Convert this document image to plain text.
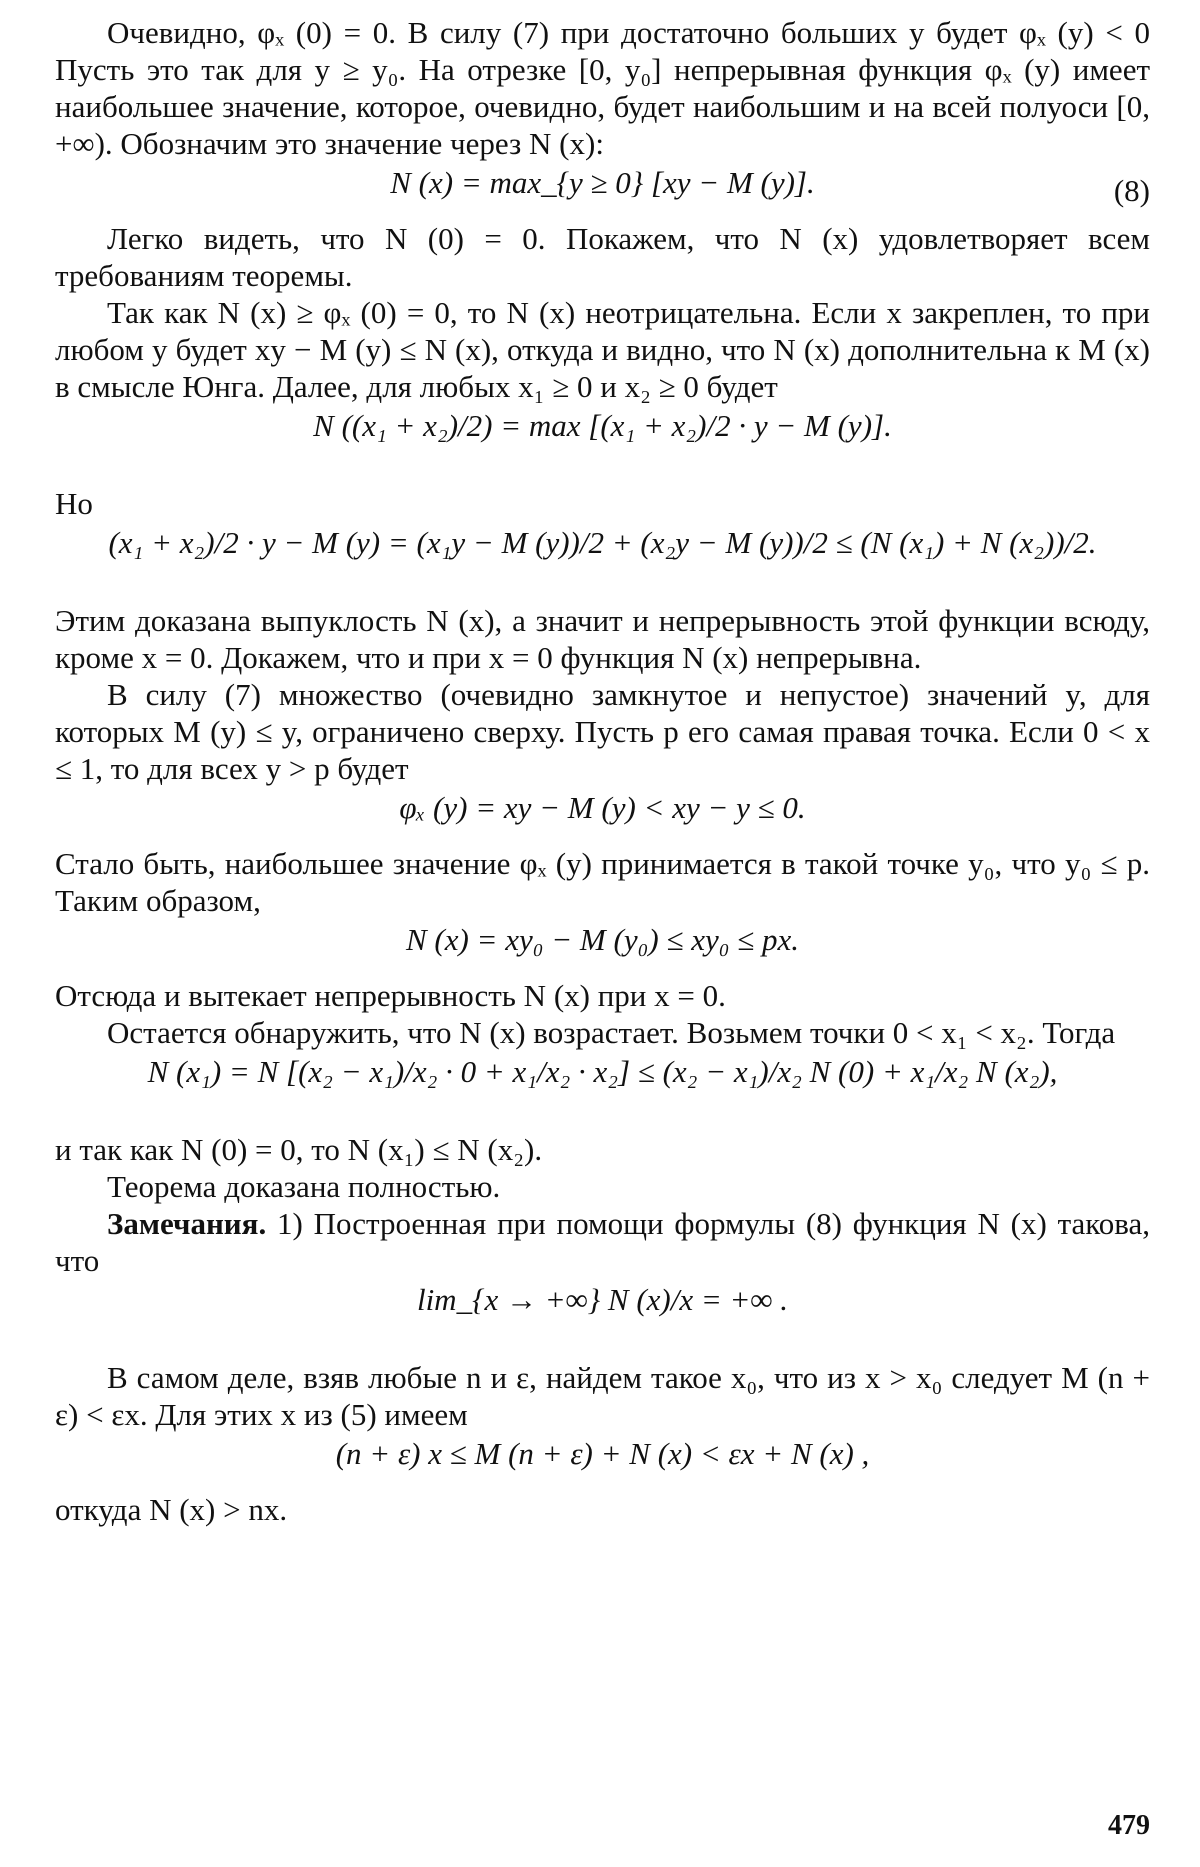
Очевидно, φₓ (0) = 0. В силу (7) при достаточно больших y будет φₓ (y) < 0 Пусть это так для y ≥ y₀. На отрезке [0, y₀] непрерывная функция φₓ (y) имеет наибольшее значение, которое, очевидно, будет наибольшим и на всей полуоси [0, +∞). Обозначим это значение через N (x):

N (x) = max_{y ≥ 0} [xy − M (y)].	(8)

Легко видеть, что N (0) = 0. Покажем, что N (x) удовлетворяет всем требованиям теоремы.

Так как N (x) ≥ φₓ (0) = 0, то N (x) неотрицательна. Если x закреплен, то при любом y будет xy − M (y) ≤ N (x), откуда и видно, что N (x) дополнительна к M (x) в смысле Юнга. Далее, для любых x₁ ≥ 0 и x₂ ≥ 0 будет

N ((x₁ + x₂)/2) = max [(x₁ + x₂)/2 · y − M (y)].

Но

(x₁ + x₂)/2 · y − M (y) = (x₁y − M (y))/2 + (x₂y − M (y))/2 ≤ (N (x₁) + N (x₂))/2.

Этим доказана выпуклость N (x), а значит и непрерывность этой функции всюду, кроме x = 0. Докажем, что и при x = 0 функция N (x) непрерывна.

В силу (7) множество (очевидно замкнутое и непустое) значений y, для которых M (y) ≤ y, ограничено сверху. Пусть p его самая правая точка. Если 0 < x ≤ 1, то для всех y > p будет

φₓ (y) = xy − M (y) < xy − y ≤ 0.

Стало быть, наибольшее значение φₓ (y) принимается в такой точке y₀, что y₀ ≤ p. Таким образом,

N (x) = xy₀ − M (y₀) ≤ xy₀ ≤ px.

Отсюда и вытекает непрерывность N (x) при x = 0.

Остается обнаружить, что N (x) возрастает. Возьмем точки 0 < x₁ < x₂. Тогда

N (x₁) = N [(x₂ − x₁)/x₂ · 0 + x₁/x₂ · x₂] ≤ (x₂ − x₁)/x₂ N (0) + x₁/x₂ N (x₂),

и так как N (0) = 0, то N (x₁) ≤ N (x₂).

Теорема доказана полностью.

Замечания. 1) Построенная при помощи формулы (8) функция N (x) такова, что

lim_{x → +∞} N (x)/x = +∞ .

В самом деле, взяв любые n и ε, найдем такое x₀, что из x > x₀ следует M (n + ε) < εx. Для этих x из (5) имеем

(n + ε) x ≤ M (n + ε) + N (x) < εx + N (x) ,

откуда N (x) > nx.

479
